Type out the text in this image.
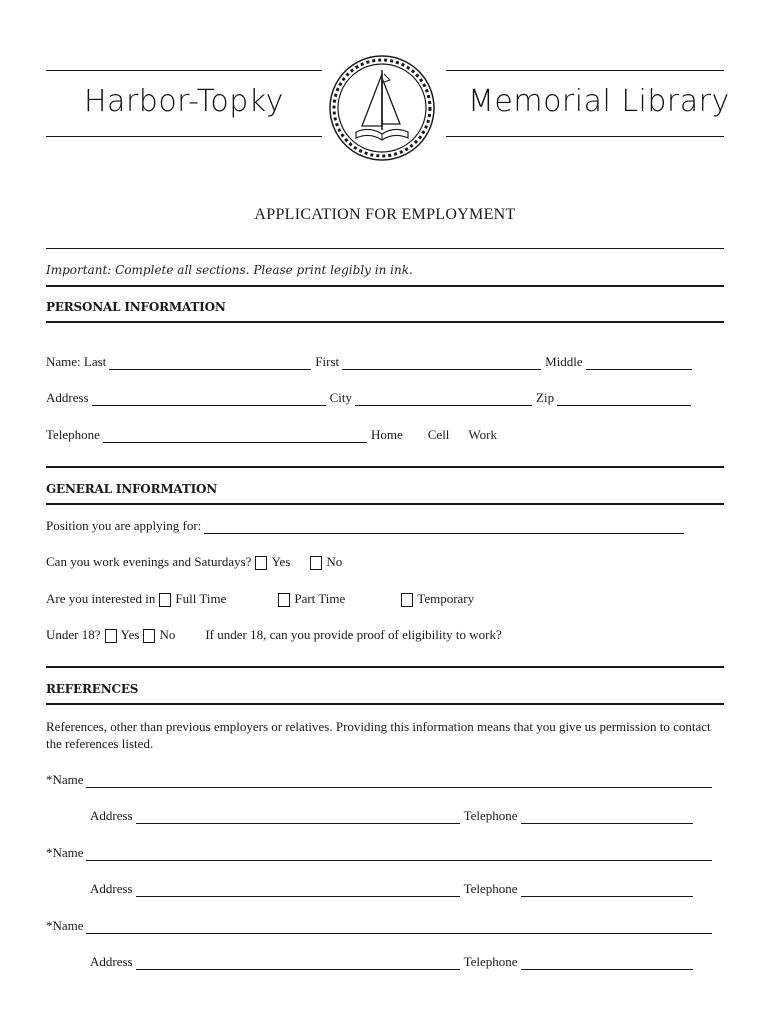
Harbor-Topky	Memorial Library
APPLICATION FOR EMPLOYMENT
Important: Complete all sections. Please print legibly in ink.
PERSONAL INFORMATION
Name: Last	First	Middle
Address	City	Zip
Telephone	Home Cell Work
GENERAL INFORMATION
Position you are applying for:
Can you work evenings and Saturdays? Yes	No
Are you interested in Full Time	Part Time	Temporary
Under 18? Yes No If under 18, can you provide proof of eligibility to work?
REFERENCES
References, other than previous employers or relatives. Providing this information means that you give us permission to contact the references listed.
*Name
Address	Telephone
*Name
Address	Telephone
*Name
Address	Telephone
